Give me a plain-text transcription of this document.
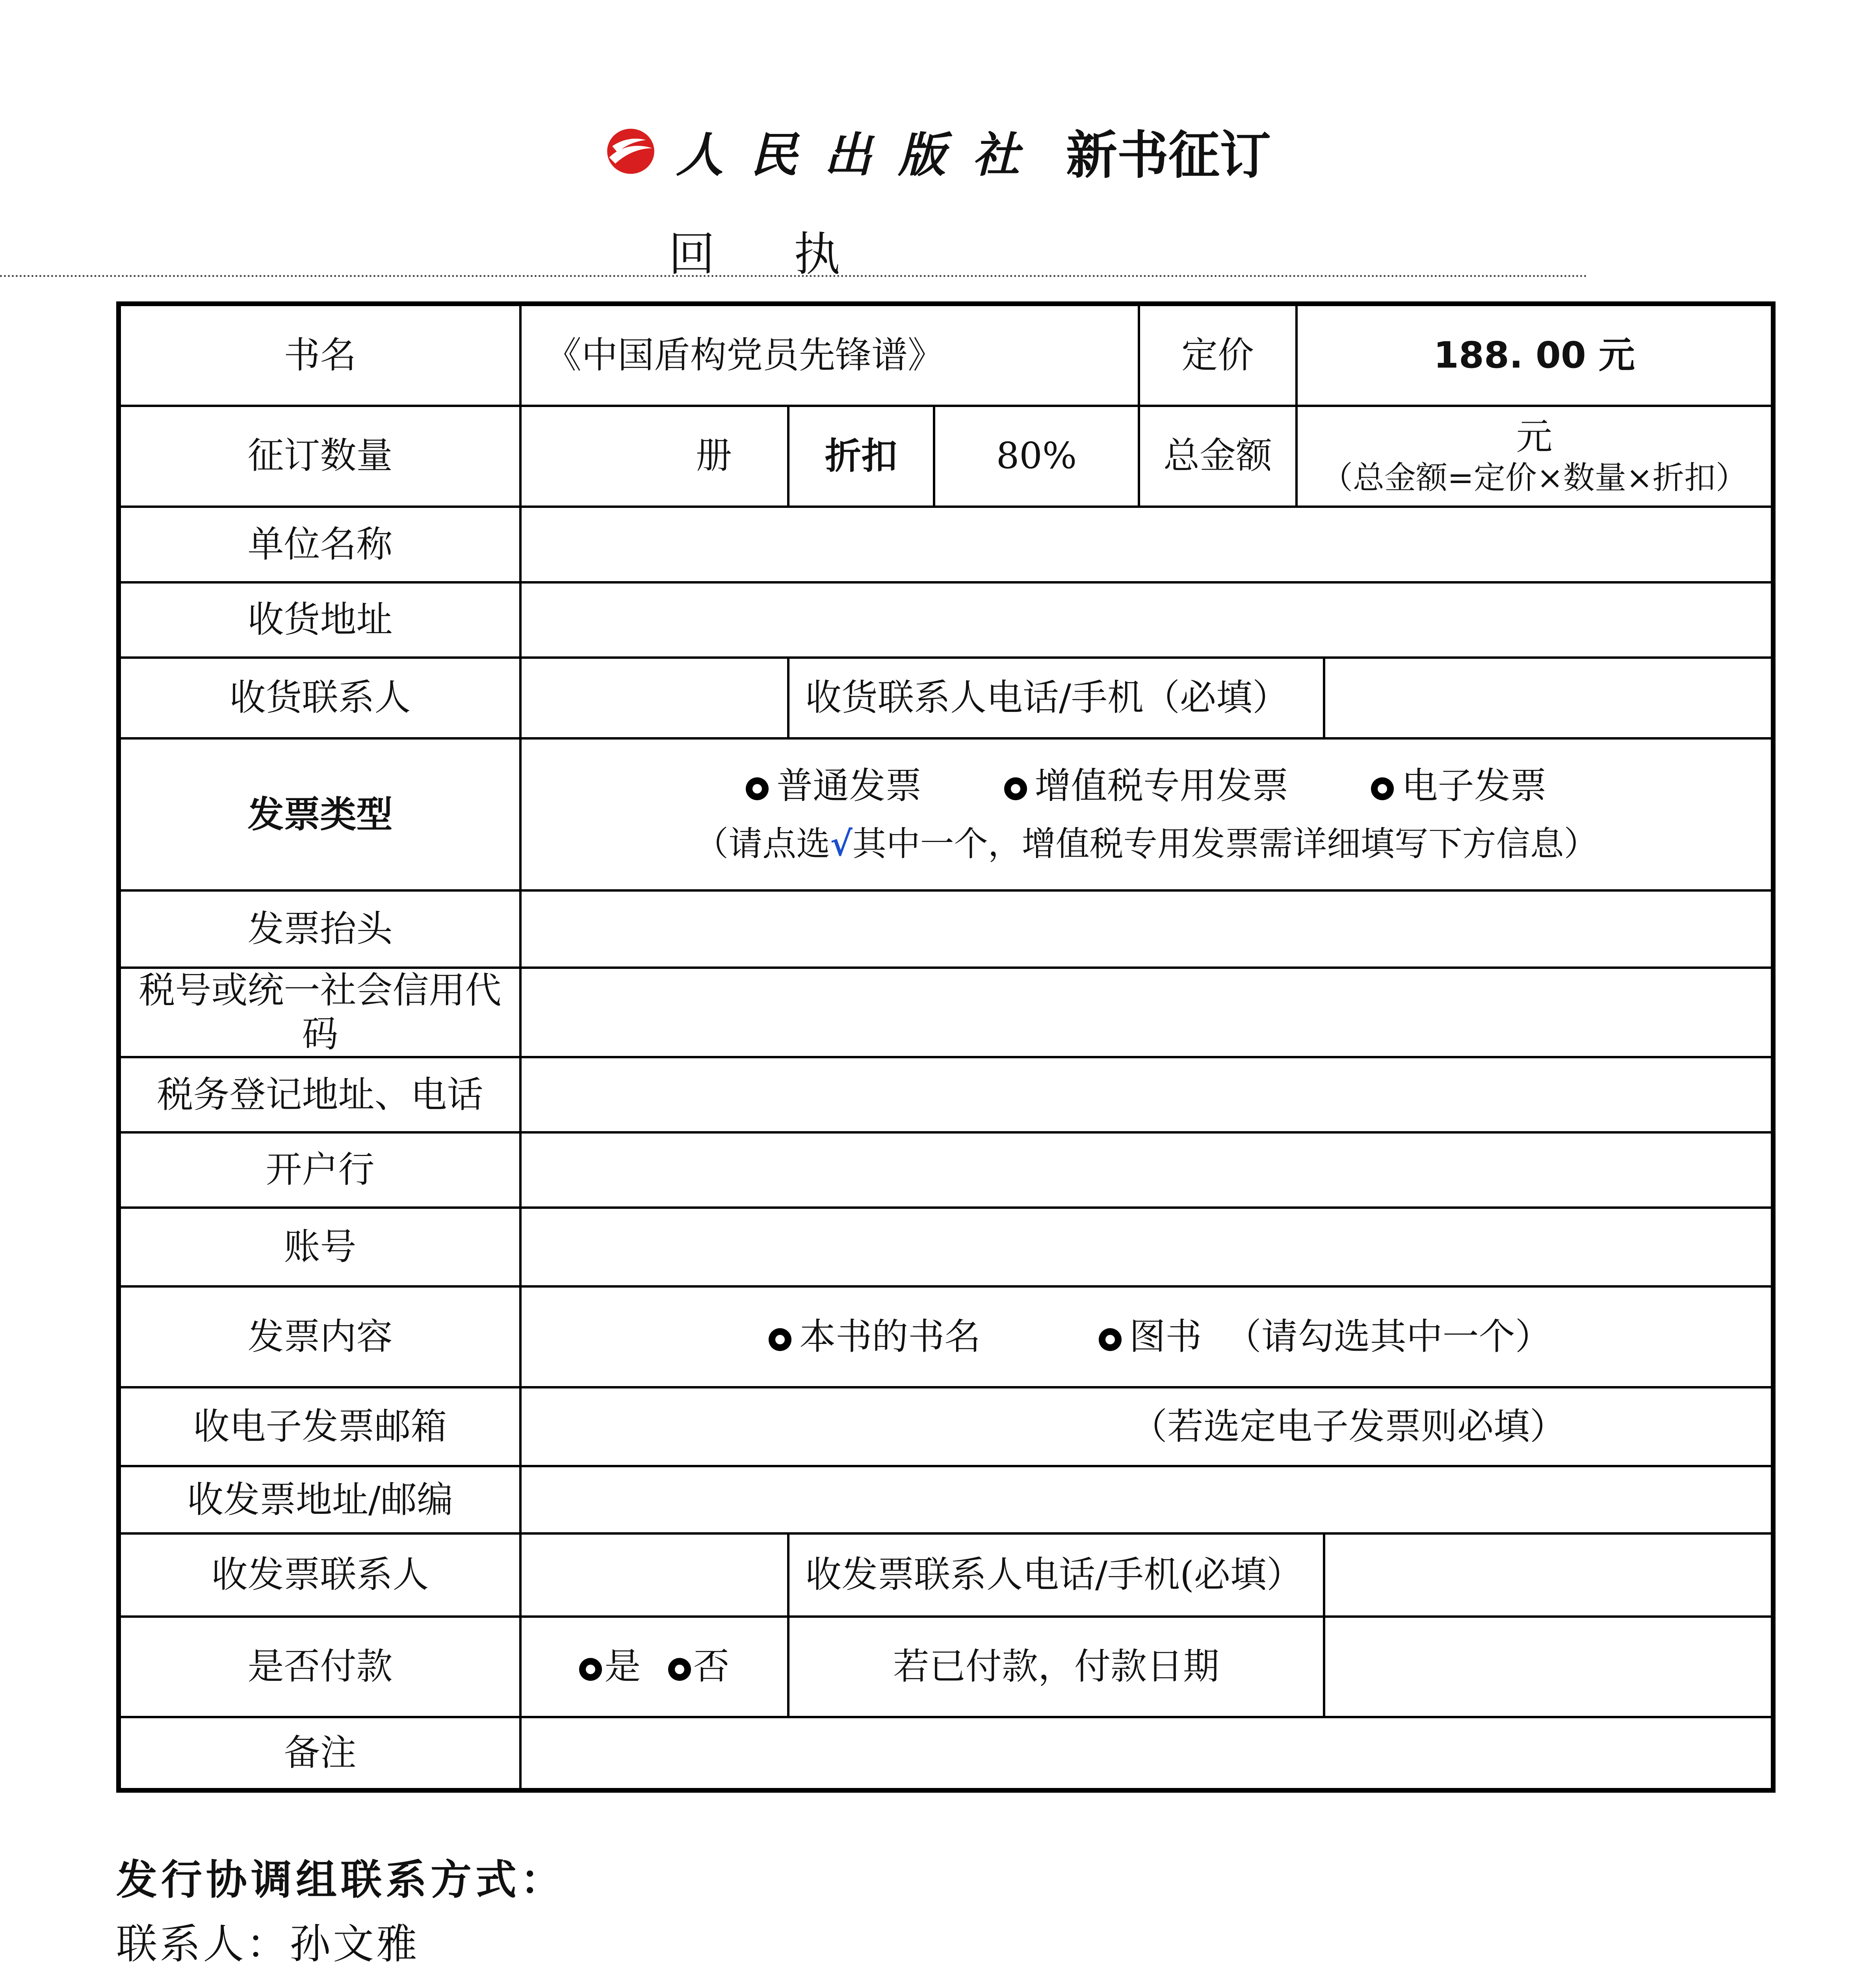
人民出版社 新书征订
回执
书名	《中国盾构党员先锋谱》			定价	188. 00 元	
征订数量	册	折扣	80%	总金额	元
（总金额=定价×数量×折扣）	

单位名称						
收货地址						
收货联系人		收货联系人电话/手机（必填）				
发票类型	普通发票 增值税专用发票 电子发票
（请点选√其中一个，增值税专用发票需详细填写下方信息）					

发票抬头						
税号或统一社会信用代码						
税务登记地址、电话						
开户行						
账号						
发票内容	本书的书名 图书 （请勾选其中一个）					
收电子发票邮箱	（若选定电子发票则必填）					
收发票地址/邮编						
收发票联系人		收发票联系人电话/手机(必填）				
是否付款	是 否	若已付款，付款日期				
备注						
发行协调组联系方式：
联系人：孙文雅
